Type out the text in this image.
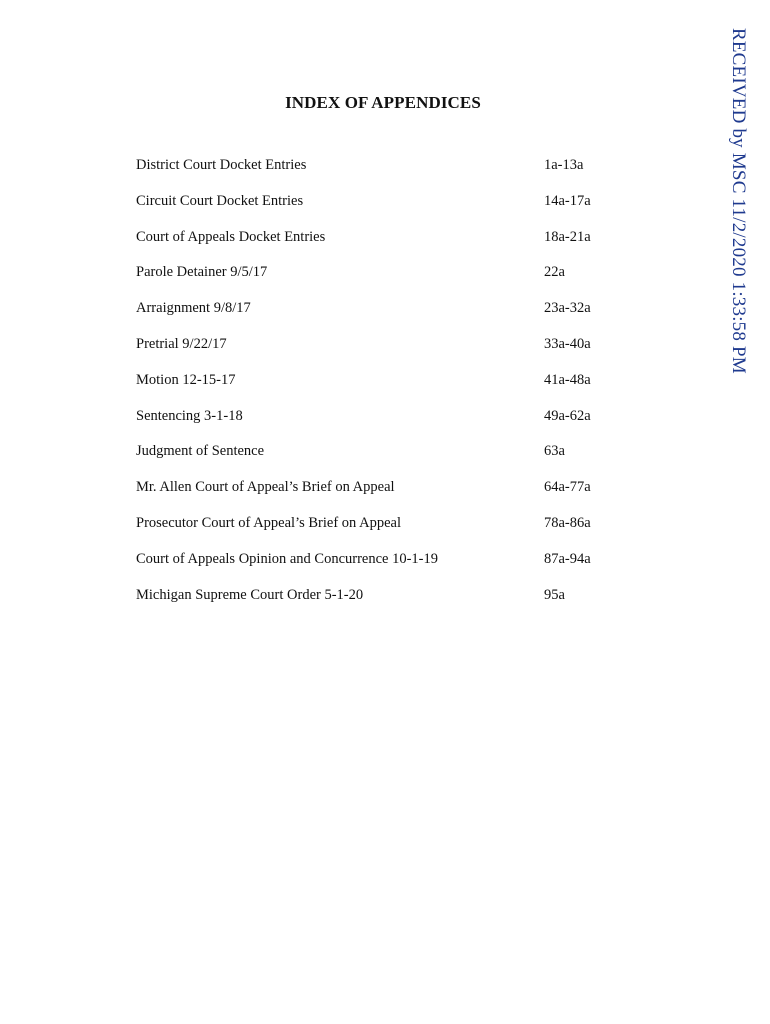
INDEX OF APPENDICES
District Court Docket Entries	1a-13a
Circuit Court Docket Entries	14a-17a
Court of Appeals Docket Entries	18a-21a
Parole Detainer 9/5/17	22a
Arraignment 9/8/17	23a-32a
Pretrial 9/22/17	33a-40a
Motion 12-15-17	41a-48a
Sentencing 3-1-18	49a-62a
Judgment of Sentence	63a
Mr. Allen Court of Appeal’s Brief on Appeal	64a-77a
Prosecutor Court of Appeal’s Brief on Appeal	78a-86a
Court of Appeals Opinion and Concurrence 10-1-19	87a-94a
Michigan Supreme Court Order 5-1-20	95a
RECEIVED by MSC 11/2/2020 1:33:58 PM
